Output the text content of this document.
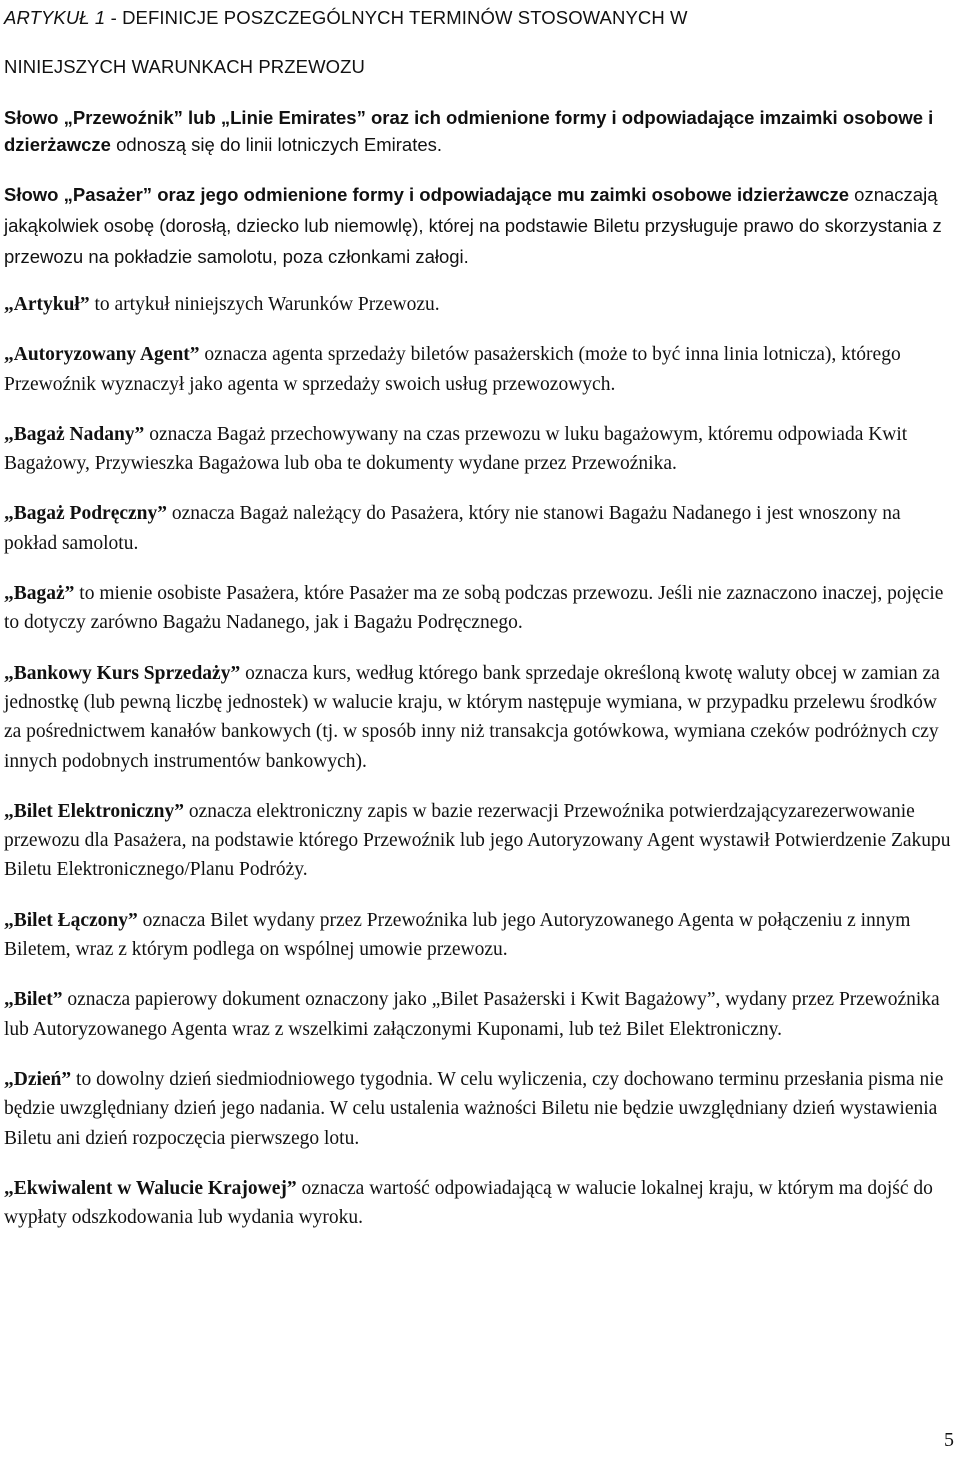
ARTYKUŁ 1 - DEFINICJE POSZCZEGÓLNYCH TERMINÓW STOSOWANYCH W
NINIEJSZYCH WARUNKACH PRZEWOZU

Słowo „Przewoźnik” lub „Linie Emirates” oraz ich odmienione formy i odpowiadające imzaimki osobowe i dzierżawcze odnoszą się do linii lotniczych Emirates.

Słowo „Pasażer” oraz jego odmienione formy i odpowiadające mu zaimki osobowe idzierżawcze oznaczają jakąkolwiek osobę (dorosłą, dziecko lub niemowlę), której na podstawie Biletu przysługuje prawo do skorzystania z przewozu na pokładzie samolotu, poza członkami załogi.

„Artykuł” to artykuł niniejszych Warunków Przewozu.

„Autoryzowany Agent” oznacza agenta sprzedaży biletów pasażerskich (może to być inna linia lotnicza), którego Przewoźnik wyznaczył jako agenta w sprzedaży swoich usług przewozowych.

„Bagaż Nadany” oznacza Bagaż przechowywany na czas przewozu w luku bagażowym, któremu odpowiada Kwit Bagażowy, Przywieszka Bagażowa lub oba te dokumenty wydane przez Przewoźnika.

„Bagaż Podręczny” oznacza Bagaż należący do Pasażera, który nie stanowi Bagażu Nadanego i jest wnoszony na pokład samolotu.

„Bagaż” to mienie osobiste Pasażera, które Pasażer ma ze sobą podczas przewozu. Jeśli nie zaznaczono inaczej, pojęcie to dotyczy zarówno Bagażu Nadanego, jak i Bagażu Podręcznego.

„Bankowy Kurs Sprzedaży” oznacza kurs, według którego bank sprzedaje określoną kwotę waluty obcej w zamian za jednostkę (lub pewną liczbę jednostek) w walucie kraju, w którym następuje wymiana, w przypadku przelewu środków za pośrednictwem kanałów bankowych (tj. w sposób inny niż transakcja gotówkowa, wymiana czeków podróżnych czy innych podobnych instrumentów bankowych).

„Bilet Elektroniczny” oznacza elektroniczny zapis w bazie rezerwacji Przewoźnika potwierdzającyzarezerwowanie przewozu dla Pasażera, na podstawie którego Przewoźnik lub jego Autoryzowany Agent wystawił Potwierdzenie Zakupu Biletu Elektronicznego/Planu Podróży.

„Bilet Łączony” oznacza Bilet wydany przez Przewoźnika lub jego Autoryzowanego Agenta w połączeniu z innym Biletem, wraz z którym podlega on wspólnej umowie przewozu.

„Bilet” oznacza papierowy dokument oznaczony jako „Bilet Pasażerski i Kwit Bagażowy”, wydany przez Przewoźnika lub Autoryzowanego Agenta wraz z wszelkimi załączonymi Kuponami, lub też Bilet Elektroniczny.

„Dzień” to dowolny dzień siedmiodniowego tygodnia. W celu wyliczenia, czy dochowano terminu przesłania pisma nie będzie uwzględniany dzień jego nadania. W celu ustalenia ważności Biletu nie będzie uwzględniany dzień wystawienia Biletu ani dzień rozpoczęcia pierwszego lotu.

„Ekwiwalent w Walucie Krajowej” oznacza wartość odpowiadającą w walucie lokalnej kraju, w którym ma dojść do wypłaty odszkodowania lub wydania wyroku.

5
